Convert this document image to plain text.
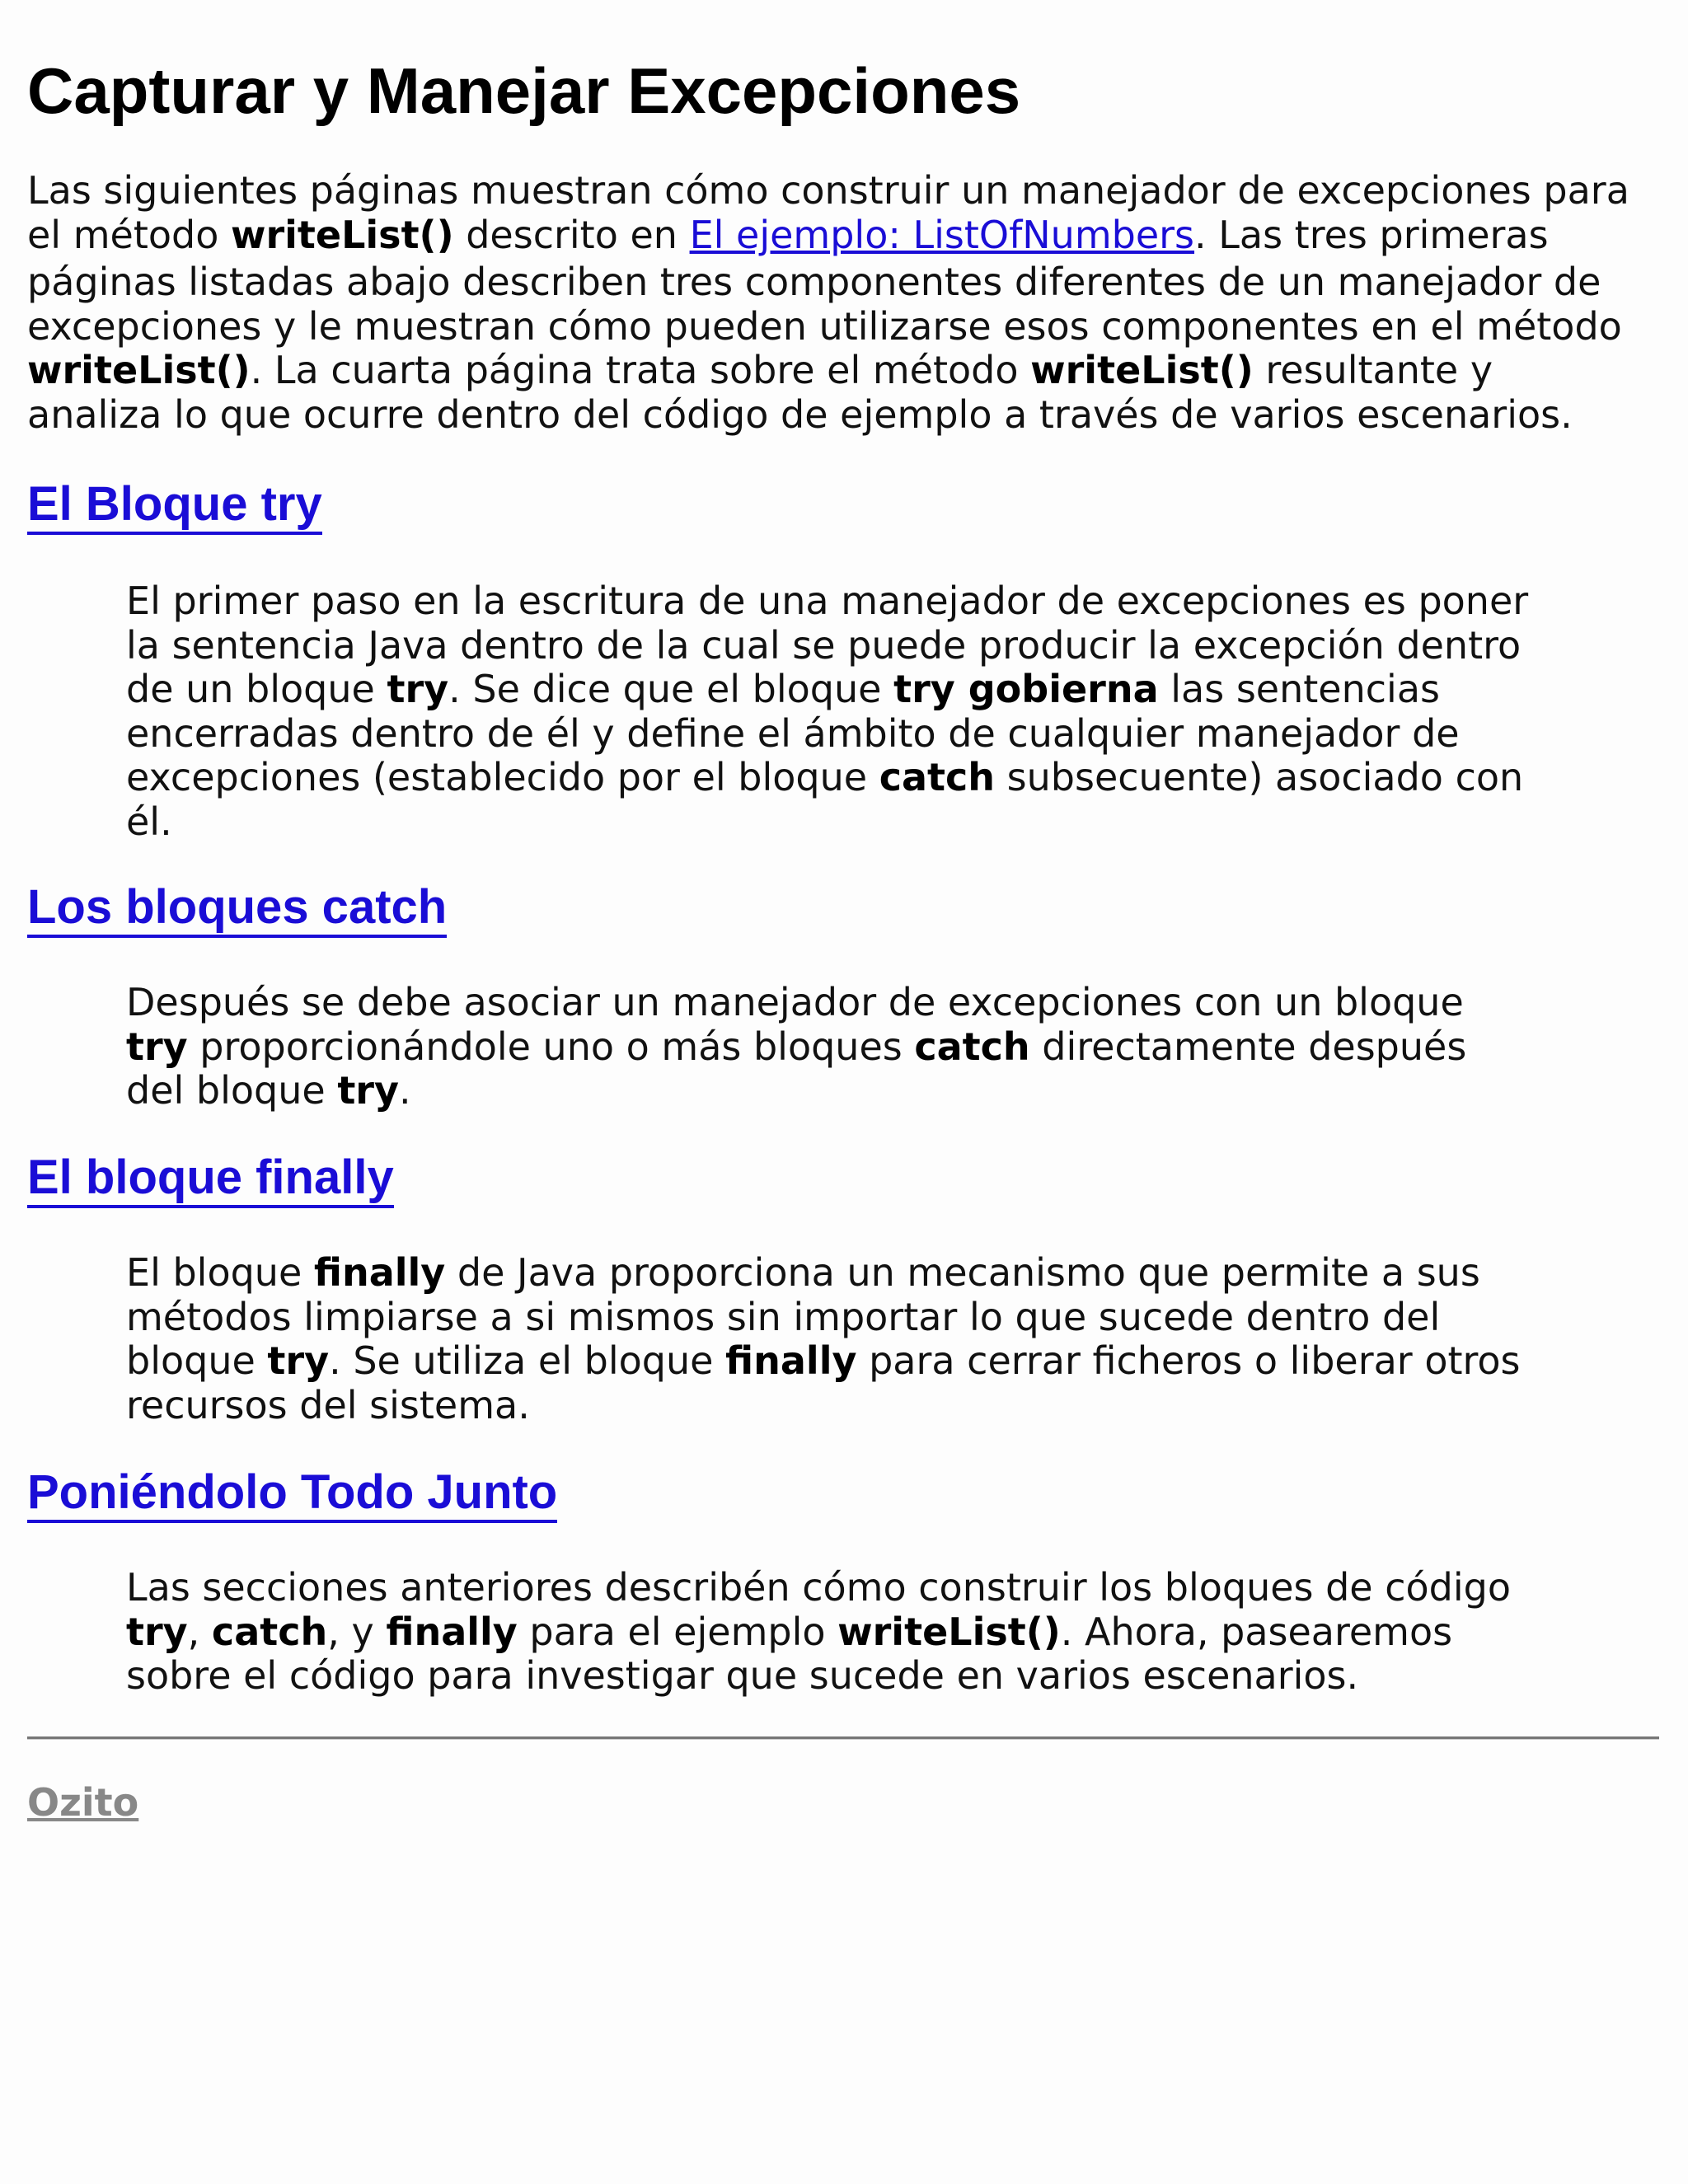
Capturar y Manejar Excepciones

Las siguientes páginas muestran cómo construir un manejador de excepciones para
el método writeList() descrito en El ejemplo: ListOfNumbers. Las tres primeras
páginas listadas abajo describen tres componentes diferentes de un manejador de
excepciones y le muestran cómo pueden utilizarse esos componentes en el método
writeList(). La cuarta página trata sobre el método writeList() resultante y
analiza lo que ocurre dentro del código de ejemplo a través de varios escenarios.

El Bloque try

El primer paso en la escritura de una manejador de excepciones es poner
la sentencia Java dentro de la cual se puede producir la excepción dentro
de un bloque try. Se dice que el bloque try gobierna las sentencias
encerradas dentro de él y define el ámbito de cualquier manejador de
excepciones (establecido por el bloque catch subsecuente) asociado con
él.

Los bloques catch

Después se debe asociar un manejador de excepciones con un bloque
try proporcionándole uno o más bloques catch directamente después
del bloque try.

El bloque finally

El bloque finally de Java proporciona un mecanismo que permite a sus
métodos limpiarse a si mismos sin importar lo que sucede dentro del
bloque try. Se utiliza el bloque finally para cerrar ficheros o liberar otros
recursos del sistema.

Poniéndolo Todo Junto

Las secciones anteriores describén cómo construir los bloques de código
try, catch, y finally para el ejemplo writeList(). Ahora, pasearemos
sobre el código para investigar que sucede en varios escenarios.

Ozito
